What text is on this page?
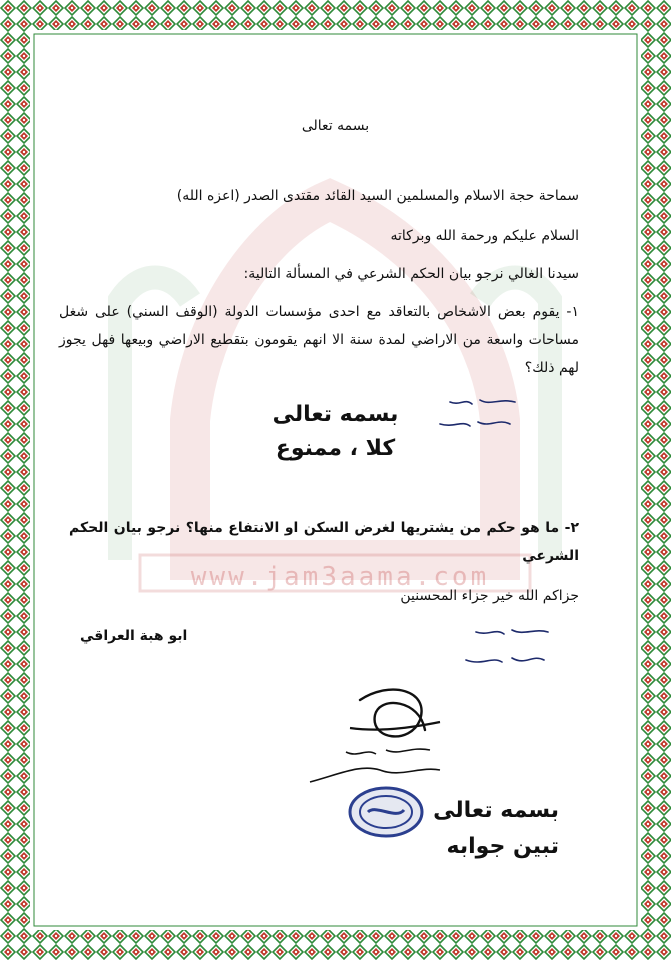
www.jam3aama.com
بسمه تعالى
سماحة حجة الاسلام والمسلمين السيد القائد مقتدى الصدر (اعزه الله)
السلام عليكم ورحمة الله وبركاته
سيدنا الغالي نرجو بيان الحكم الشرعي في المسألة التالية:
١- يقوم بعض الاشخاص بالتعاقد مع احدى مؤسسات الدولة (الوقف السني) على شغل مساحات واسعة من الاراضي لمدة سنة الا انهم يقومون بتقطيع الاراضي وبيعها فهل يجوز لهم ذلك؟
بسمه تعالى
كلا ، ممنوع
٢- ما هو حكم من يشتريها لغرض السكن او الانتفاع منها؟ نرجو بيان الحكم الشرعي
جزاكم الله خير جزاء المحسنين
ابو هبة العراقي
بسمه تعالى
تبين جوابه
